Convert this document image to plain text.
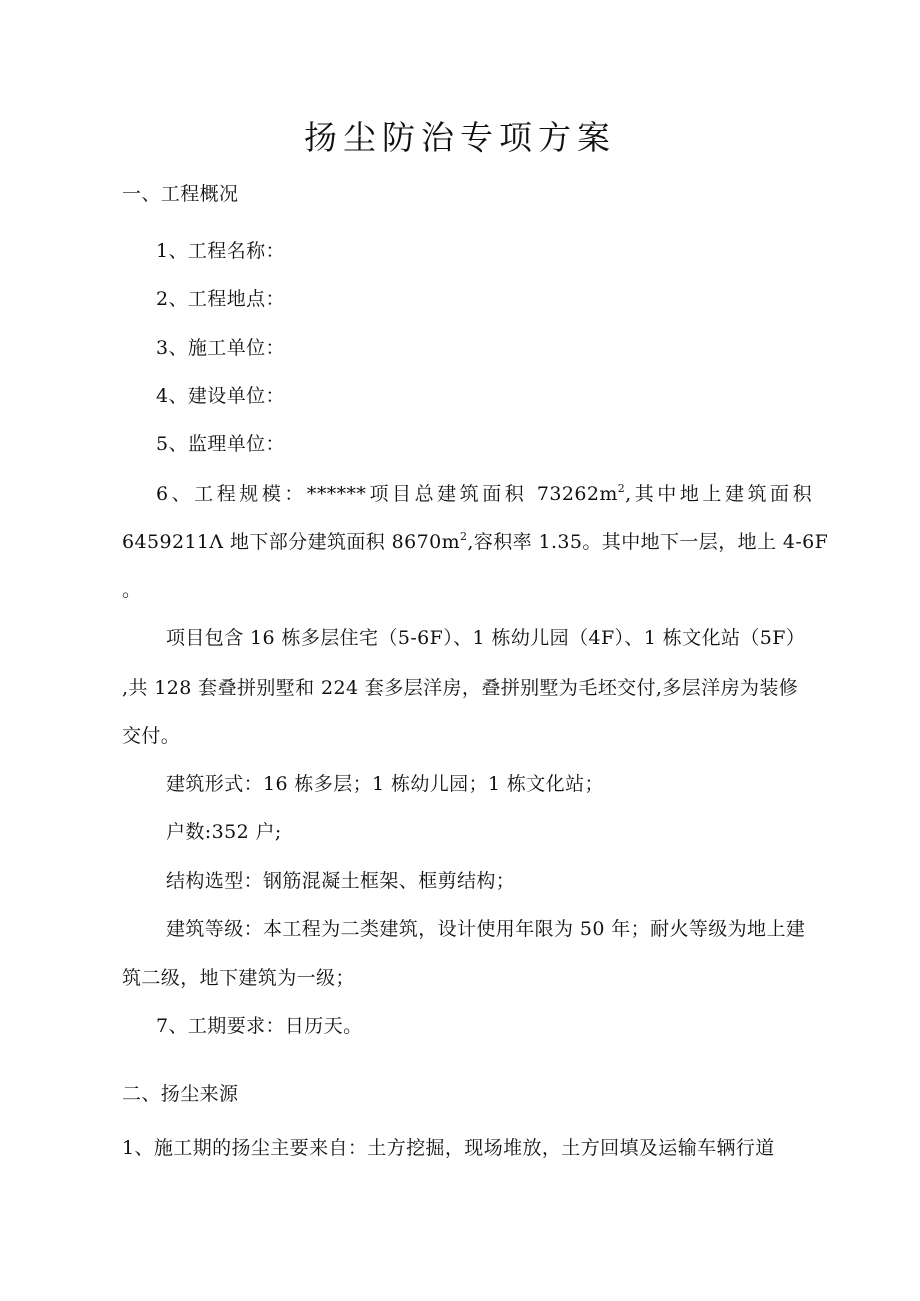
扬尘防治专项方案
一、工程概况
1、工程名称：
2、工程地点：
3、施工单位：
4、建设单位：
5、监理单位：
6、工程规模：******项目总建筑面积 $73262m^2$,其中地上建筑面积
6459211Λ 地下部分建筑面积 $8670m^2$,容积率 1.35。其中地下一层，地上 4-6F
。
项目包含 16 栋多层住宅（5-6F）、1 栋幼儿园（4F）、1 栋文化站（5F）
,共 128 套叠拼别墅和 224 套多层洋房，叠拼别墅为毛坯交付,多层洋房为装修
交付。
建筑形式：16 栋多层；1 栋幼儿园；1 栋文化站；
户数:352 户;
结构选型：钢筋混凝土框架、框剪结构；
建筑等级：本工程为二类建筑，设计使用年限为 50 年；耐火等级为地上建
筑二级，地下建筑为一级；
7、工期要求：日历天。
二、扬尘来源
1、施工期的扬尘主要来自：土方挖掘，现场堆放，土方回填及运输车辆行道
